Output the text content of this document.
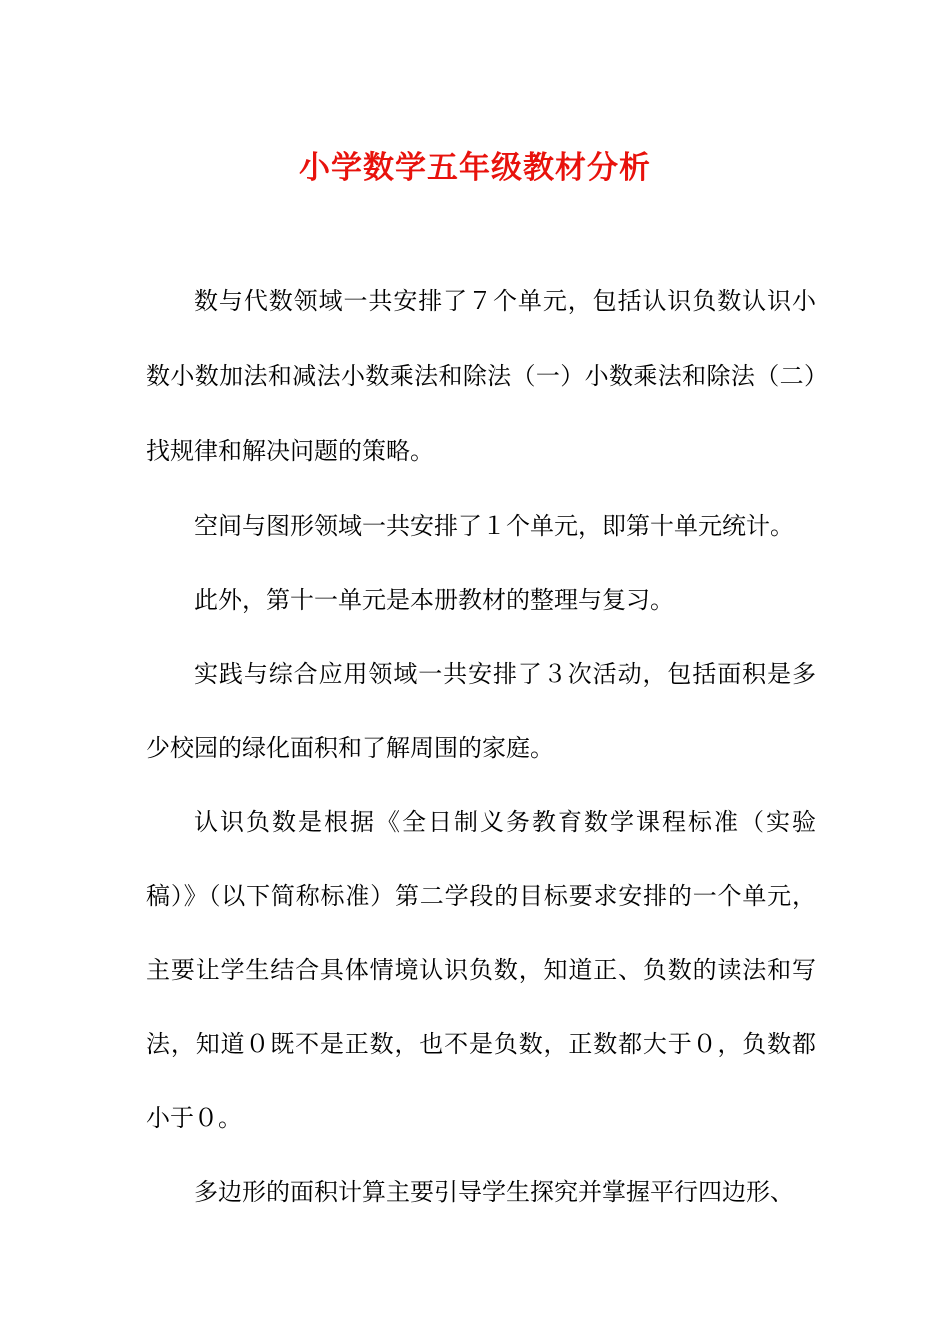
小学数学五年级教材分析

数与代数领域一共安排了７个单元，包括认识负数认识小数小数加法和减法小数乘法和除法（一）小数乘法和除法（二）找规律和解决问题的策略。

空间与图形领域一共安排了１个单元，即第十单元统计。

此外，第十一单元是本册教材的整理与复习。

实践与综合应用领域一共安排了３次活动，包括面积是多少校园的绿化面积和了解周围的家庭。

认识负数是根据《全日制义务教育数学课程标准（实验稿）》（以下简称标准）第二学段的目标要求安排的一个单元，主要让学生结合具体情境认识负数，知道正、负数的读法和写法，知道０既不是正数，也不是负数，正数都大于０，负数都小于０。

多边形的面积计算主要引导学生探究并掌握平行四边形、
